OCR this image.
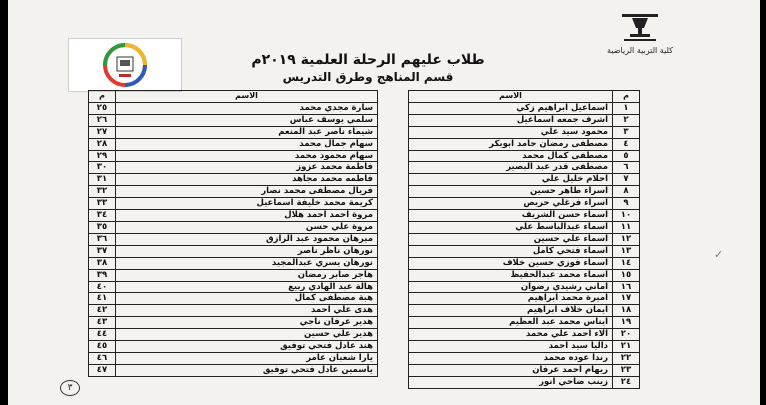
كلية التربية الرياضية
طلاب عليهم الرحلة العلمية ٢٠١٩م
قسم المناهج وطرق التدريس
م	الاسم
١	اسماعيل ابراهيم زكي
٢	اشرف جمعه اسماعيل
٣	محمود سيد علي
٤	مصطفى رمضان حامد ابوبكر
٥	مصطفى كمال محمد
٦	مصطفى قدر عبد البصير
٧	احلام خليل علي
٨	اسراء طاهر حسين
٩	اسراء فرغلي حريص
١٠	اسماء حسن الشريف
١١	اسماء عبدالباسط علي
١٢	اسماء علي حسين
١٣	اسماء فتحي كامل
١٤	اسماء فوزي حسين خلاف
١٥	اسماء محمد عبدالحفيظ
١٦	اماني رشيدي رضوان
١٧	اميرة محمد ابراهيم
١٨	ايمان خلاف ابراهيم
١٩	ايناس محمد عبد العظيم
٢٠	الاء احمد علي محمد
٢١	داليا سيد احمد
٢٢	رندا عوده محمد
٢٣	ريهام احمد عرفان
٢٤	زينب ضاحي انور
الاسم	م
سارة مجدي محمد	٢٥
سلمي يوسف عباس	٢٦
شيماء ناصر عبد المنعم	٢٧
سهام جمال محمد	٢٨
سهام محمود محمد	٢٩
فاطمة محمد عزوز	٣٠
فاطمه محمد مجاهد	٣١
فريال مصطفى محمد نصار	٣٢
كريمة محمد خليفة اسماعيل	٣٣
مروة احمد احمد هلال	٣٤
مروة علي حسن	٣٥
ميرهان محمود عبد الرازق	٣٦
نورهان ناظر ناصر	٣٧
نورهان يسري عبدالمجيد	٣٨
هاجر صابر رمضان	٣٩
هالة عبد الهادي ربيع	٤٠
هبة مصطفى كمال	٤١
هدى علي احمد	٤٢
هدير عرفان ناجي	٤٣
هدير علي حسين	٤٤
هند عادل فتحي توفيق	٤٥
يارا شعبان عامر	٤٦
ياسمين عادل فتحي توفيق	٤٧
✓
٣
